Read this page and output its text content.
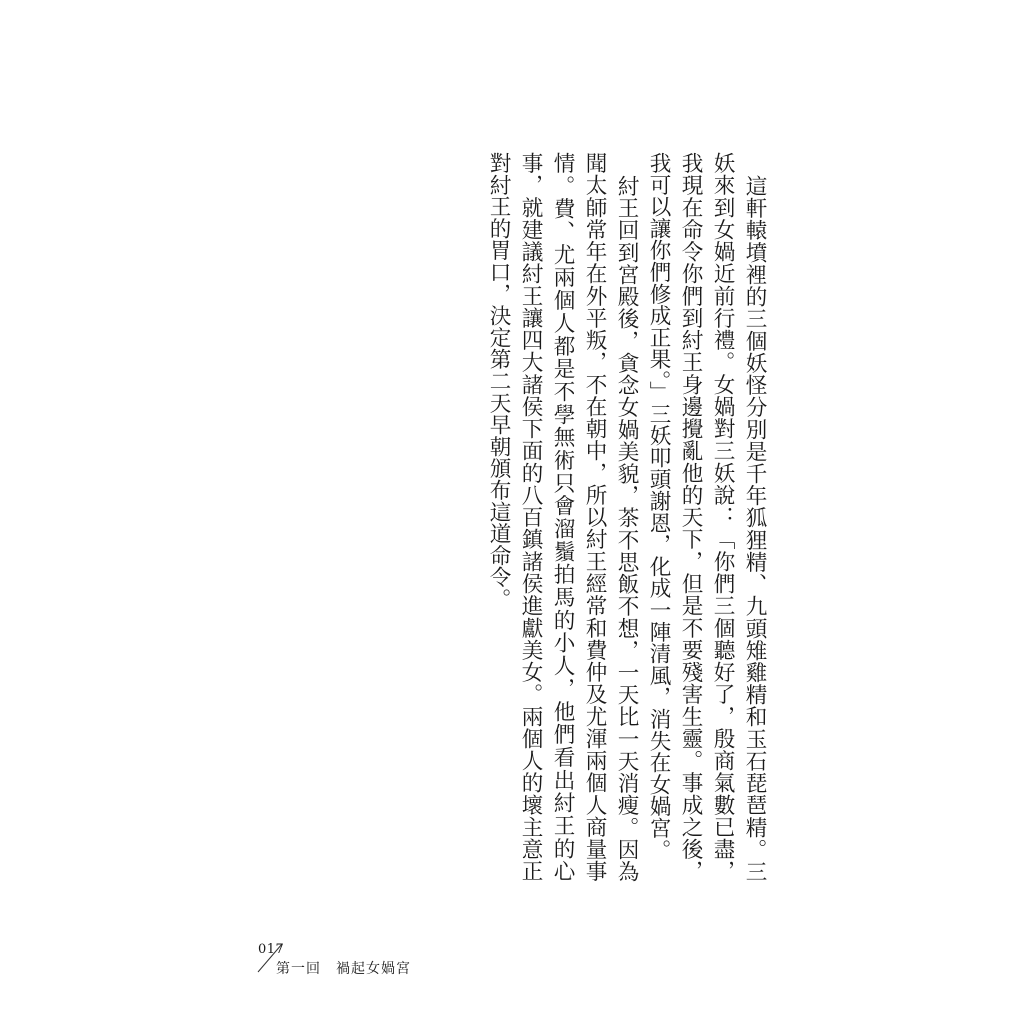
這軒轅墳裡的三個妖怪分別是千年狐狸精、九頭雉雞精和玉石琵琶精。三妖來到女媧近前行禮。女媧對三妖說：「你們三個聽好了，殷商氣數已盡，我現在命令你們到紂王身邊攪亂他的天下，但是不要殘害生靈。事成之後，我可以讓你們修成正果。」三妖叩頭謝恩，化成一陣清風，消失在女媧宮。

紂王回到宮殿後，貪念女媧美貌，茶不思飯不想，一天比一天消瘦。因為聞太師常年在外平叛，不在朝中，所以紂王經常和費仲及尤渾兩個人商量事情。費、尤兩個人都是不學無術只會溜鬚拍馬的小人，他們看出紂王的心事，就建議紂王讓四大諸侯下面的八百鎮諸侯進獻美女。兩個人的壞主意正對紂王的胃口，決定第二天早朝頒布這道命令。

017
第一回　禍起女媧宮
